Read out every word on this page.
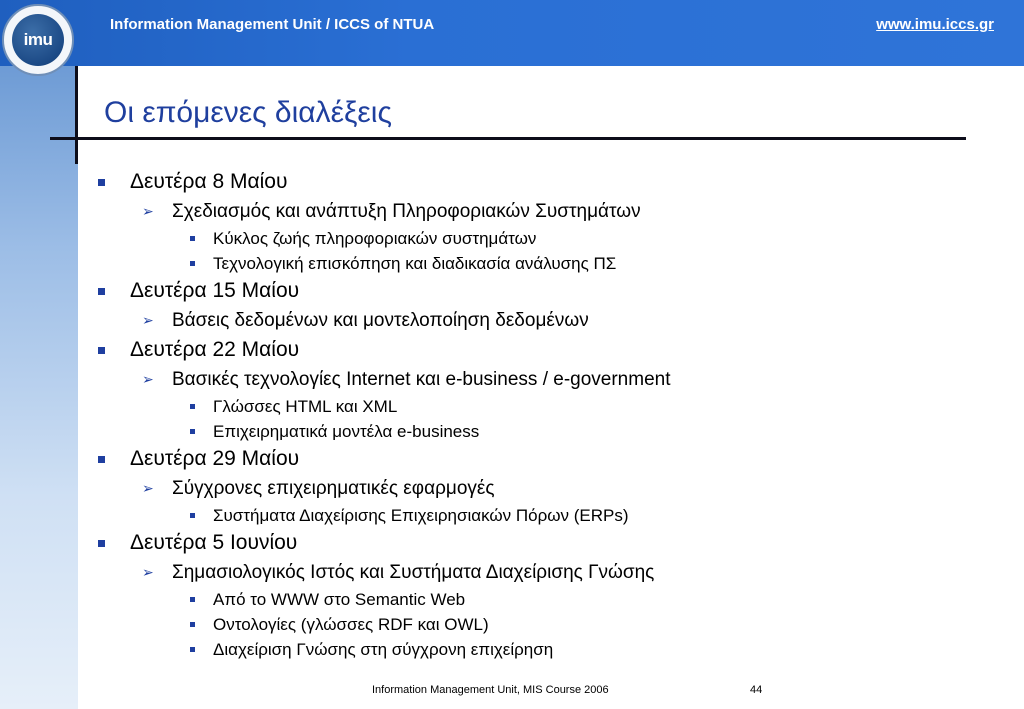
imu
Information Management Unit / ICCS of NTUA	www.imu.iccs.gr
Οι επόμενες διαλέξεις
Δευτέρα 8 Μαίου
➢ Σχεδιασμός και ανάπτυξη Πληροφοριακών Συστημάτων
Κύκλος ζωής πληροφοριακών συστημάτων
Τεχνολογική επισκόπηση και διαδικασία ανάλυσης ΠΣ
Δευτέρα 15 Μαίου
➢ Βάσεις δεδομένων και μοντελοποίηση δεδομένων
Δευτέρα 22 Μαίου
➢ Βασικές τεχνολογίες Internet και e-business / e-government
Γλώσσες HTML και XML
Επιχειρηματικά μοντέλα e-business
Δευτέρα 29 Μαίου
➢ Σύγχρονες επιχειρηματικές εφαρμογές
Συστήματα Διαχείρισης Επιχειρησιακών Πόρων (ERPs)
Δευτέρα 5 Ιουνίου
➢ Σημασιολογικός Ιστός και Συστήματα Διαχείρισης Γνώσης
Από το WWW στο Semantic Web
Οντολογίες (γλώσσες RDF και OWL)
Διαχείριση Γνώσης στη σύγχρονη επιχείρηση
Information Management Unit, MIS Course 2006	44
